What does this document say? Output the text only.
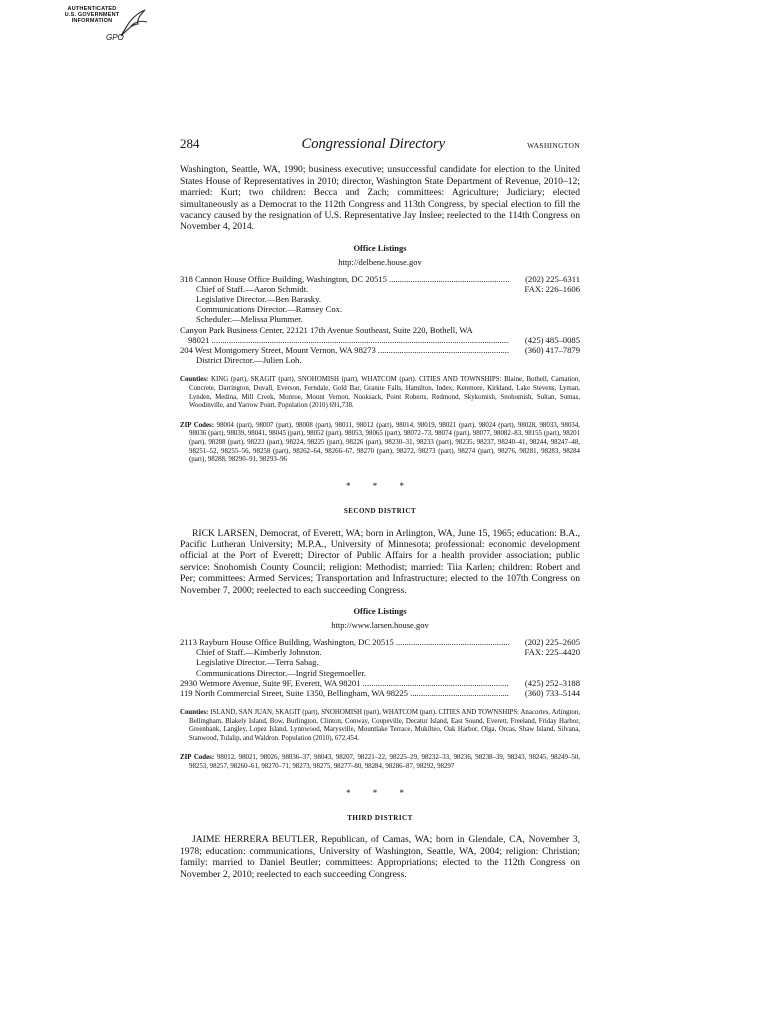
AUTHENTICATED
U.S. GOVERNMENT
INFORMATION
GPO
284	Congressional Directory	WASHINGTON

Washington, Seattle, WA, 1990; business executive; unsuccessful candidate for election to the United States House of Representatives in 2010; director, Washington State Department of Revenue, 2010–12; married: Kurt; two children: Becca and Zach; committees: Agriculture; Judiciary; elected simultaneously as a Democrat to the 112th Congress and 113th Congress, by special election to fill the vacancy caused by the resignation of U.S. Representative Jay Inslee; reelected to the 114th Congress on November 4, 2014.

Office Listings
http://delbene.house.gov
318 Cannon House Office Building, Washington, DC 20515 .....	(202) 225–6311
Chief of Staff.—Aaron Schmidt.	FAX: 226–1606
Legislative Director.—Ben Barasky.
Communications Director.—Ramsey Cox.
Scheduler.—Melissa Plummer.
Canyon Park Business Center, 22121 17th Avenue Southeast, Suite 220, Bothell, WA
98021 .....	(425) 485–0085
204 West Montgomery Street, Mount Vernon, WA 98273 .....	(360) 417–7879
District Director.—Julien Loh.

Counties: KING (part), SKAGIT (part), SNOHOMISH (part), WHATCOM (part). CITIES AND TOWNSHIPS: Blaine, Bothell, Carnation, Concrete, Darrington, Duvall, Everson, Ferndale, Gold Bar, Granite Falls, Hamilton, Index, Kenmore, Kirkland, Lake Stevens, Lyman, Lynden, Medina, Mill Creek, Monroe, Mount Vernon, Nooksack, Point Roberts, Redmond, Skykomish, Snohomish, Sultan, Sumas, Woodinville, and Yarrow Point. Population (2010) 691,738.

ZIP Codes: 98004 (part), 98007 (part), 98008 (part), 98011, 98012 (part), 98014, 98019, 98021 (part), 98024 (part), 98028, 98033, 98034, 98036 (part), 98039, 98041, 98045 (part), 98052 (part), 98053, 98065 (part), 98072–73, 98074 (part), 98077, 98082–83, 98155 (part), 98201 (part), 98208 (part), 98223 (part), 98224, 98225 (part), 98226 (part), 98230–31, 98233 (part), 98235, 98237, 98240–41, 98244, 98247–48, 98251–52, 98255–56, 98258 (part), 98262–64, 98266–67, 98270 (part), 98272, 98273 (part), 98274 (part), 98276, 98281, 98283, 98284 (part), 98288, 98290–91, 98293–96

* * *
SECOND DISTRICT

RICK LARSEN, Democrat, of Everett, WA; born in Arlington, WA, June 15, 1965; education: B.A., Pacific Lutheran University; M.P.A., University of Minnesota; professional: economic development official at the Port of Everett; Director of Public Affairs for a health provider association; public service: Snohomish County Council; religion: Methodist; married: Tiia Karlen; children: Robert and Per; committees: Armed Services; Transportation and Infrastructure; elected to the 107th Congress on November 7, 2000; reelected to each succeeding Congress.

Office Listings
http://www.larsen.house.gov
2113 Rayburn House Office Building, Washington, DC 20515 .....	(202) 225–2605
Chief of Staff.—Kimberly Johnston.	FAX: 225–4420
Legislative Director.—Terra Sabag.
Communications Director.—Ingrid Stegemoeller.
2930 Wetmore Avenue, Suite 9F, Everett, WA 98201 .....	(425) 252–3188
119 North Commercial Street, Suite 1350, Bellingham, WA 98225 .....	(360) 733–5144

Counties: ISLAND, SAN JUAN, SKAGIT (part), SNOHOMISH (part), WHATCOM (part). CITIES AND TOWNSHIPS: Anacortes, Arlington, Bellingham, Blakely Island, Bow, Burlington, Clinton, Conway, Coupeville, Decatur Island, East Sound, Everett, Freeland, Friday Harbor, Greenbank, Langley, Lopez Island, Lynnwood, Marysville, Mountlake Terrace, Mukilteo, Oak Harbor, Olga, Orcas, Shaw Island, Silvana, Stanwood, Tulalip, and Waldron. Population (2010), 672,454.

ZIP Codes: 98012, 98021, 98026, 98036–37, 98043, 98207, 98221–22, 98225–29, 98232–33, 98236, 98238–39, 98243, 98245, 98249–50, 98253, 98257, 98260–61, 98270–71, 98273, 98275, 98277–80, 98284, 98286–87, 98292, 98297

* * *
THIRD DISTRICT

JAIME HERRERA BEUTLER, Republican, of Camas, WA; born in Glendale, CA, November 3, 1978; education: communications, University of Washington, Seattle, WA, 2004; religion: Christian; family: married to Daniel Beutler; committees: Appropriations; elected to the 112th Congress on November 2, 2010; reelected to each succeeding Congress.
